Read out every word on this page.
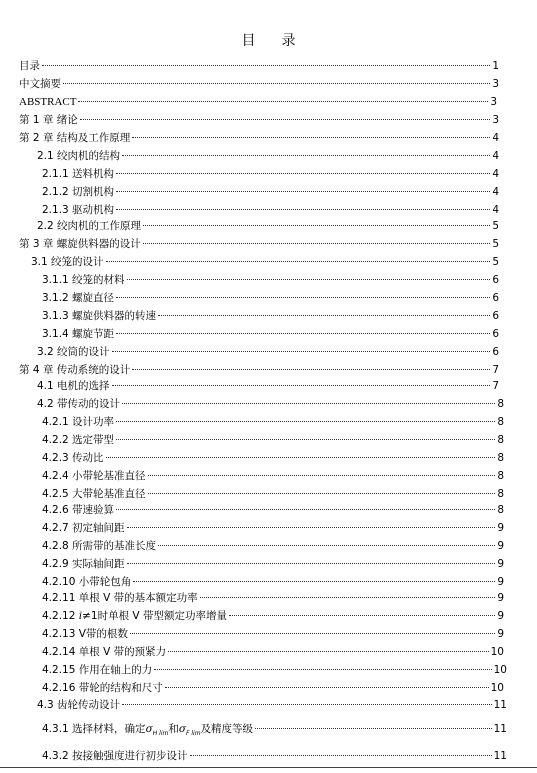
目录
目录	1
中文摘要	3
ABSTRACT	3
第 1 章 绪论	3
第 2 章 结构及工作原理	4
2.1 绞肉机的结构	4
2.1.1 送料机构	4
2.1.2 切割机构	4
2.1.3 驱动机构	4
2.2 绞肉机的工作原理	5
第 3 章 螺旋供料器的设计	5
3.1 绞笼的设计	5
3.1.1 绞笼的材料	6
3.1.2 螺旋直径	6
3.1.3 螺旋供料器的转速	6
3.1.4 螺旋节距	6
3.2 绞筒的设计	6
第 4 章 传动系统的设计	7
4.1 电机的选择	7
4.2 带传动的设计	8
4.2.1 设计功率	8
4.2.2 选定带型	8
4.2.3 传动比	8
4.2.4 小带轮基准直径	8
4.2.5 大带轮基准直径	8
4.2.6 带速验算	8
4.2.7 初定轴间距	9
4.2.8 所需带的基准长度	9
4.2.9 实际轴间距	9
4.2.10 小带轮包角	9
4.2.11 单根 V 带的基本额定功率	9
4.2.12 i≠1时单根 V 带型额定功率增量	9
4.2.13 V带的根数	9
4.2.14 单根 V 带的预紧力	10
4.2.15 作用在轴上的力	10
4.2.16 带轮的结构和尺寸	10
4.3 齿轮传动设计	11
4.3.1 选择材料，确定$\sigma_{H lim}$和$\sigma_{F lim}$及精度等级	11
4.3.2 按接触强度进行初步设计	11
